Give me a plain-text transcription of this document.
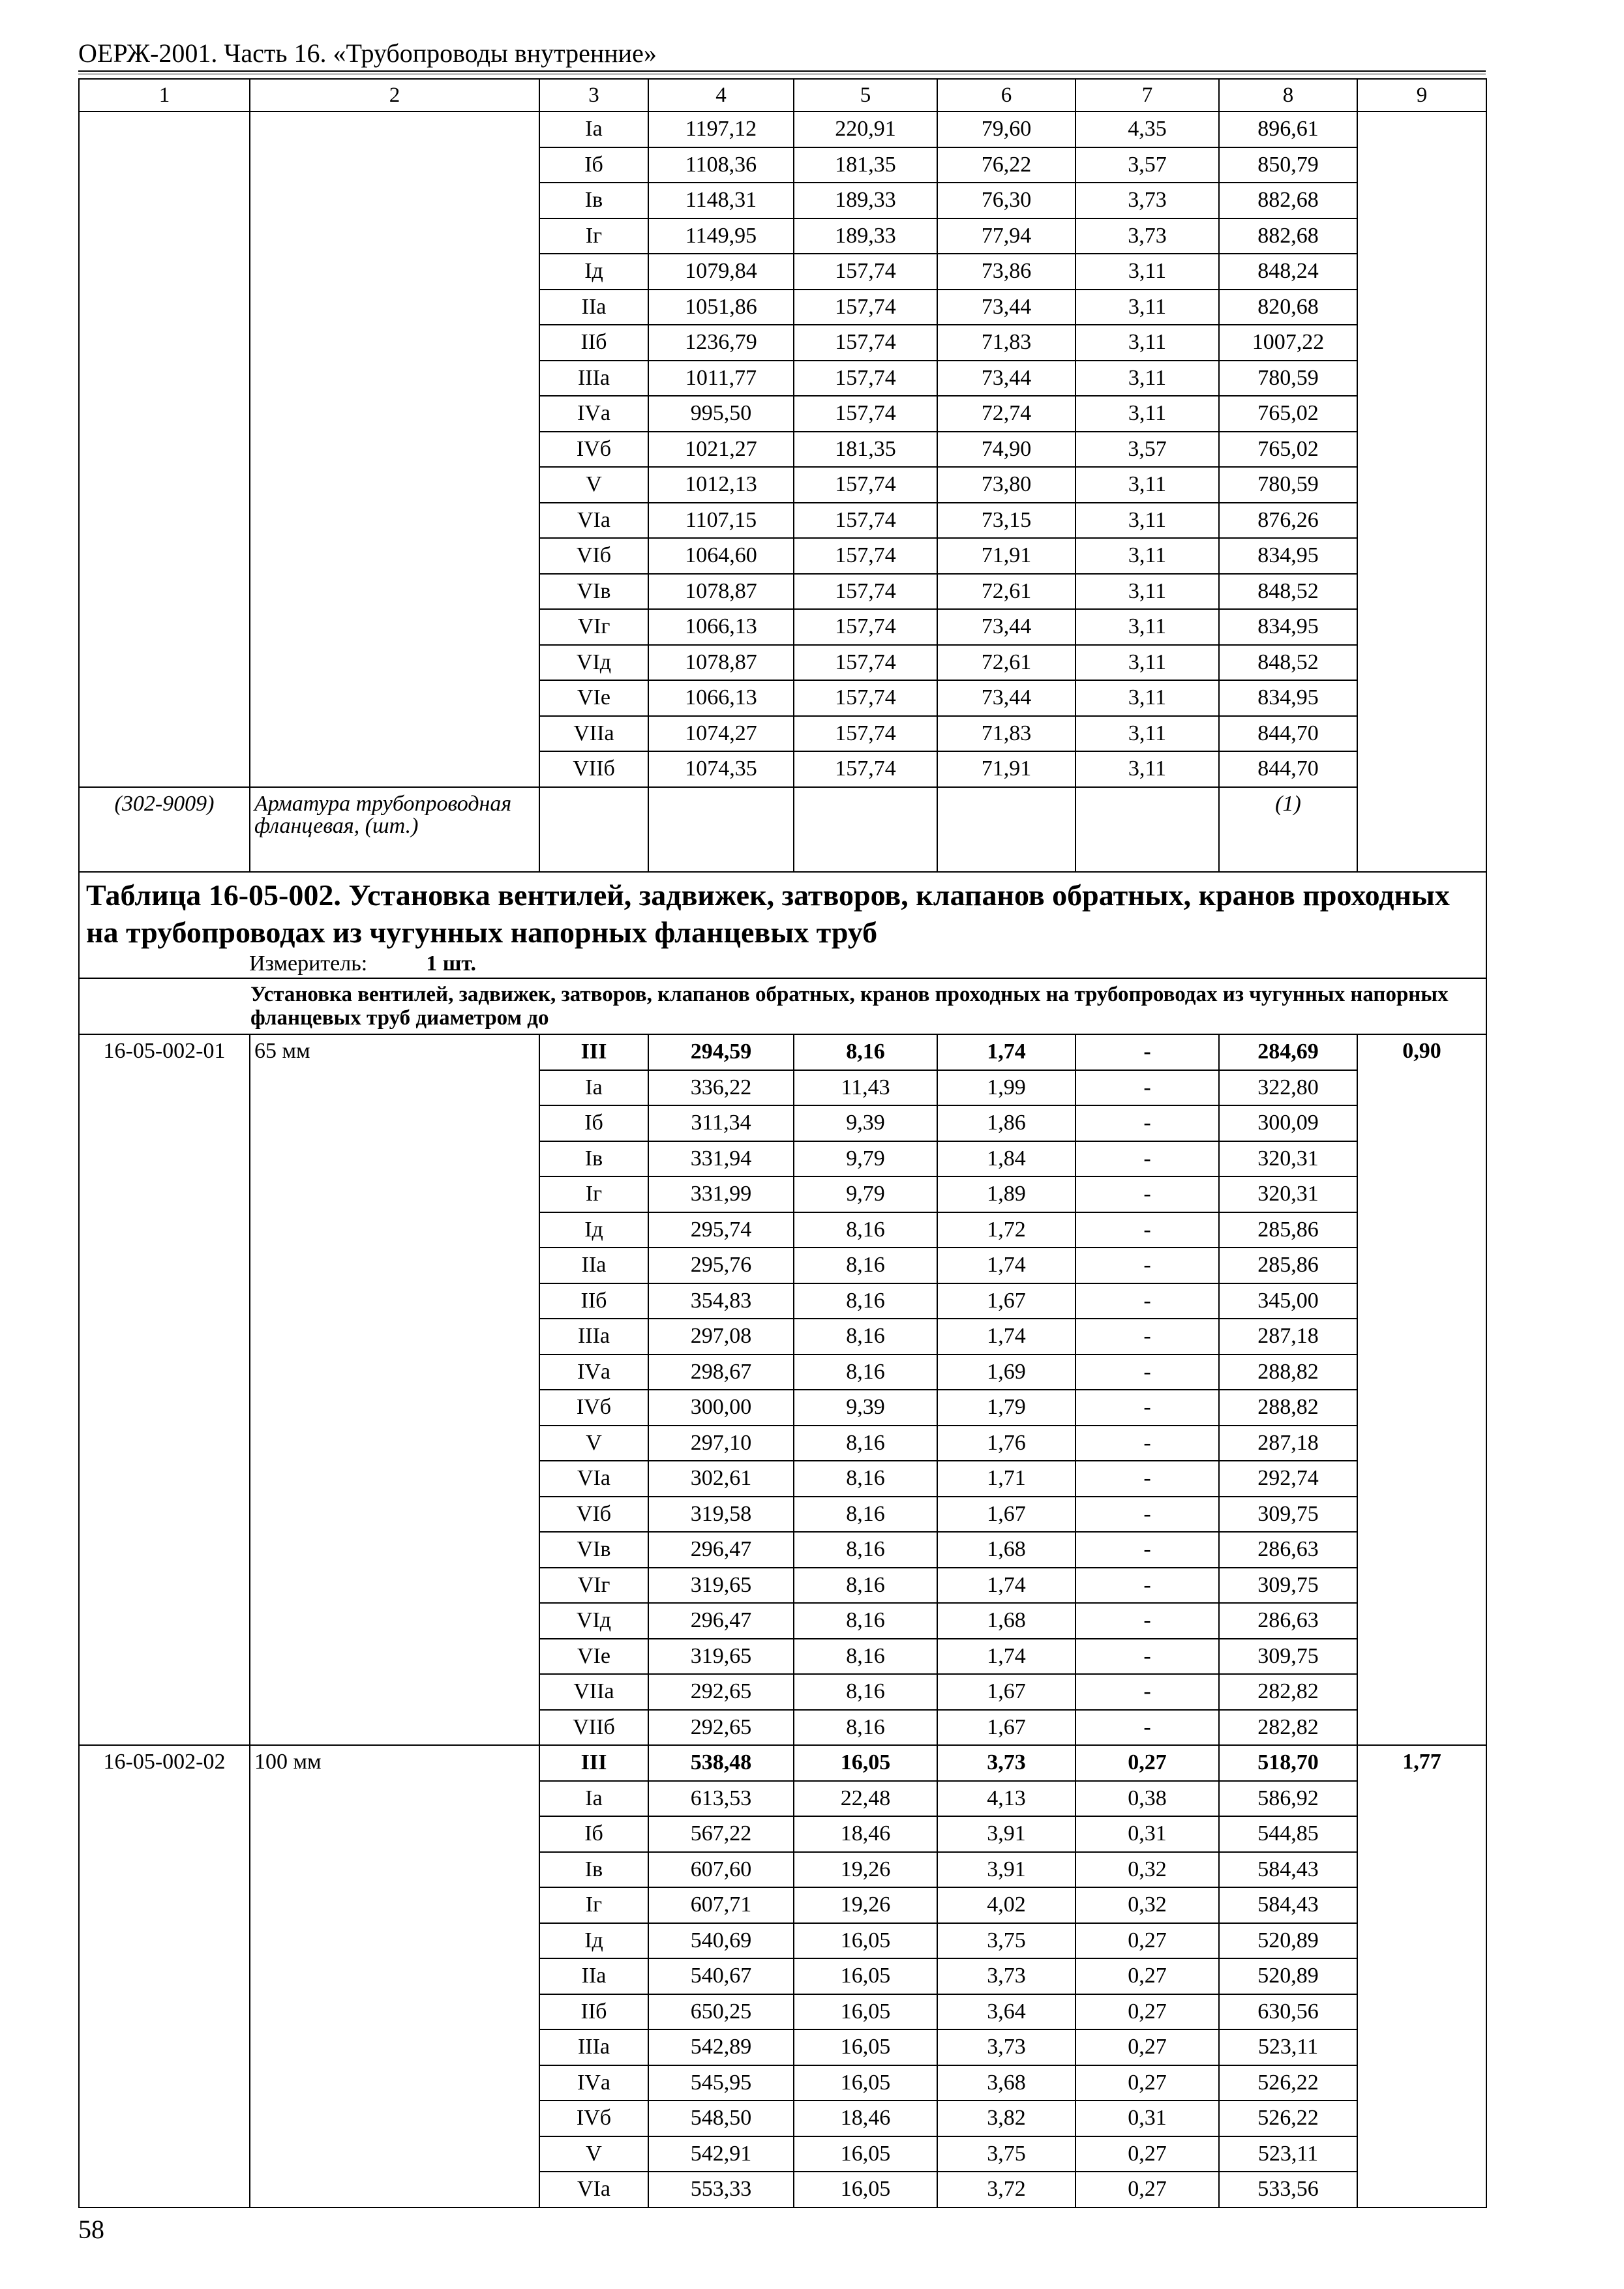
ОЕРЖ-2001. Часть 16. «Трубопроводы внутренние»
1	2	3	4	5	6	7	8	9
		Iа	1197,12	220,91	79,60	4,35	896,61	
		Iб	1108,36	181,35	76,22	3,57	850,79	
		Iв	1148,31	189,33	76,30	3,73	882,68	
		Iг	1149,95	189,33	77,94	3,73	882,68	
		Iд	1079,84	157,74	73,86	3,11	848,24	
		IIа	1051,86	157,74	73,44	3,11	820,68	
		IIб	1236,79	157,74	71,83	3,11	1007,22	
		IIIа	1011,77	157,74	73,44	3,11	780,59	
		IVа	995,50	157,74	72,74	3,11	765,02	
		IVб	1021,27	181,35	74,90	3,57	765,02	
		V	1012,13	157,74	73,80	3,11	780,59	
		VIа	1107,15	157,74	73,15	3,11	876,26	
		VIб	1064,60	157,74	71,91	3,11	834,95	
		VIв	1078,87	157,74	72,61	3,11	848,52	
		VIг	1066,13	157,74	73,44	3,11	834,95	
		VIд	1078,87	157,74	72,61	3,11	848,52	
		VIе	1066,13	157,74	73,44	3,11	834,95	
		VIIа	1074,27	157,74	71,83	3,11	844,70	
		VIIб	1074,35	157,74	71,91	3,11	844,70	
(302-9009)	Арматура трубопроводная фланцевая, (шт.)						(1)	

Таблица 16-05-002. Установка вентилей, задвижек, затворов, клапанов обратных, кранов проходных на трубопроводах из чугунных напорных фланцевых труб
Измеритель: 1 шт.								

Установка вентилей, задвижек, затворов, клапанов обратных, кранов проходных на трубопроводах из чугунных напорных фланцевых труб диаметром до								

16-05-002-01	65 мм	III	294,59	8,16	1,74	-	284,69	0,90
		Iа	336,22	11,43	1,99	-	322,80	
		Iб	311,34	9,39	1,86	-	300,09	
		Iв	331,94	9,79	1,84	-	320,31	
		Iг	331,99	9,79	1,89	-	320,31	
		Iд	295,74	8,16	1,72	-	285,86	
		IIа	295,76	8,16	1,74	-	285,86	
		IIб	354,83	8,16	1,67	-	345,00	
		IIIа	297,08	8,16	1,74	-	287,18	
		IVа	298,67	8,16	1,69	-	288,82	
		IVб	300,00	9,39	1,79	-	288,82	
		V	297,10	8,16	1,76	-	287,18	
		VIа	302,61	8,16	1,71	-	292,74	
		VIб	319,58	8,16	1,67	-	309,75	
		VIв	296,47	8,16	1,68	-	286,63	
		VIг	319,65	8,16	1,74	-	309,75	
		VIд	296,47	8,16	1,68	-	286,63	
		VIе	319,65	8,16	1,74	-	309,75	
		VIIа	292,65	8,16	1,67	-	282,82	
		VIIб	292,65	8,16	1,67	-	282,82	
16-05-002-02	100 мм	III	538,48	16,05	3,73	0,27	518,70	1,77
		Iа	613,53	22,48	4,13	0,38	586,92	
		Iб	567,22	18,46	3,91	0,31	544,85	
		Iв	607,60	19,26	3,91	0,32	584,43	
		Iг	607,71	19,26	4,02	0,32	584,43	
		Iд	540,69	16,05	3,75	0,27	520,89	
		IIа	540,67	16,05	3,73	0,27	520,89	
		IIб	650,25	16,05	3,64	0,27	630,56	
		IIIа	542,89	16,05	3,73	0,27	523,11	
		IVа	545,95	16,05	3,68	0,27	526,22	
		IVб	548,50	18,46	3,82	0,31	526,22	
		V	542,91	16,05	3,75	0,27	523,11	
		VIа	553,33	16,05	3,72	0,27	533,56	
58
